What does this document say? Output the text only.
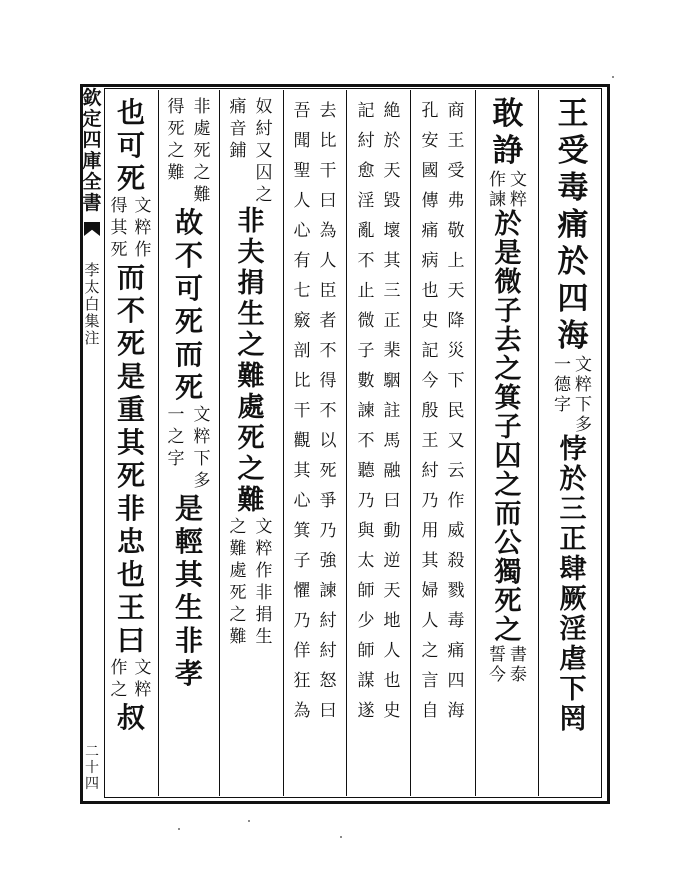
欽
定
四
庫
全
書
李
太
白
集
注
二
十
四
王
受
毒
痛
於
四
海
文
粹
下
多
一
德
字
悖
於
三
正
肆
厥
淫
虐
下
罔
敢
諍
文
粹
作
諫
於
是
微
子
去
之
箕
子
囚
之
而
公
獨
死
之
書
泰
誓
今
商
王
受
弗
敬
上
天
降
災
下
民
又
云
作
威
殺
戮
毒
痛
四
海
孔
安
國
傳
痛
病
也
史
記
今
殷
王
紂
乃
用
其
婦
人
之
言
自
絶
於
天
毀
壞
其
三
正
棐
駰
註
馬
融
曰
動
逆
天
地
人
也
史
記
紂
愈
淫
亂
不
止
微
子
數
諫
不
聽
乃
與
太
師
少
師
謀
遂
去
比
干
曰
為
人
臣
者
不
得
不
以
死
爭
乃
強
諫
紂
紂
怒
曰
吾
聞
聖
人
心
有
七
竅
剖
比
干
觀
其
心
箕
子
懼
乃
佯
狂
為
奴
紂
又
囚
之
痛
音
鋪
非
夫
捐
生
之
難
處
死
之
難
文
粹
作
非
捐
生
之
難
處
死
之
難
非
處
死
之
難
得
死
之
難
故
不
可
死
而
死
文
粹
下
多
一
之
字
是
輕
其
生
非
孝
也
可
死
文
粹
作
得
其
死
而
不
死
是
重
其
死
非
忠
也
王
曰
文
粹
作
之
叔
